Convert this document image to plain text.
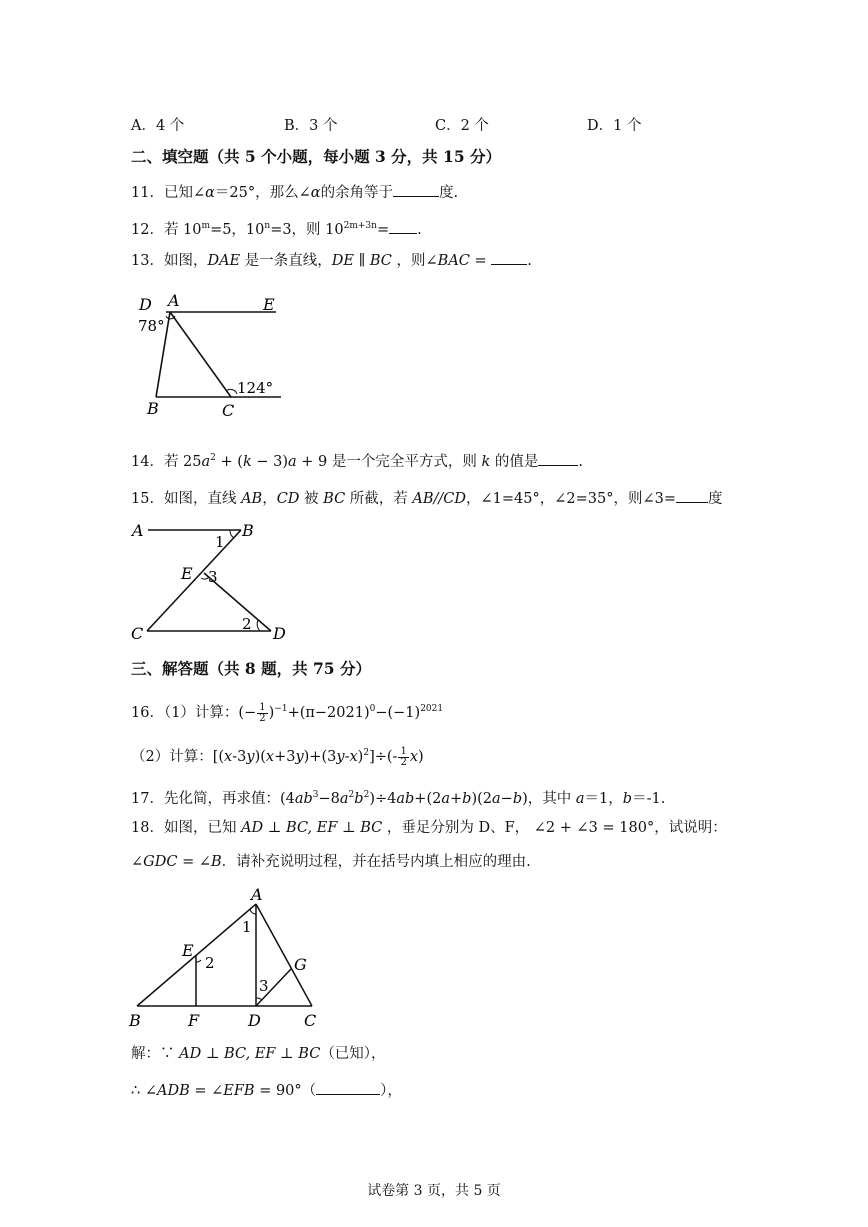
A．4 个	B．3 个	C．2 个	D．1 个
二、填空题（共 5 个小题，每小题 3 分，共 15 分）
11．已知∠α＝25°，那么∠α的余角等于	度.
12．若 $10^m=5$，$10^n=3$，则 $10^{2m+3n}=$ .
13．如图，DAE 是一条直线，DE ∥ BC ，则∠BAC = .
D A	E
B	C
78°
124°
14．若 $25a^2 + (k - 3)a + 9$ 是一个完全平方式，则 k 的值是	.
15．如图，直线 AB，CD 被 BC 所截，若 AB//CD，∠1=45°，∠2=35°，则∠3= 度
A	B
E
C	D
1
2
3
三、解答题（共 8 题，共 75 分）
16．（1）计算：(− $\frac{1}{2} )^{-1}+(\pi-2021)^0-(-1)^{2021}$
（2）计算：$[(x-3y)(x+3y)+(3y-x)^2]\div(- \frac{1}{2} x)$
17．先化简，再求值：$(4ab^3-8a^2b^2)\div 4ab+(2a+b)(2a-b)$，其中 a＝1，b＝-1.
18．如图，已知 AD ⊥ BC, EF ⊥ BC ，垂足分别为 D、F， ∠2 + ∠3 = 180°，试说明：
∠GDC = ∠B．请补充说明过程，并在括号内填上相应的理由.
A
B	C
D
E
F
G
1
2
3
解：∵ AD ⊥ BC, EF ⊥ BC（已知），
∴ ∠ADB = ∠EFB = 90°（	），
试卷第 3 页，共 5 页
